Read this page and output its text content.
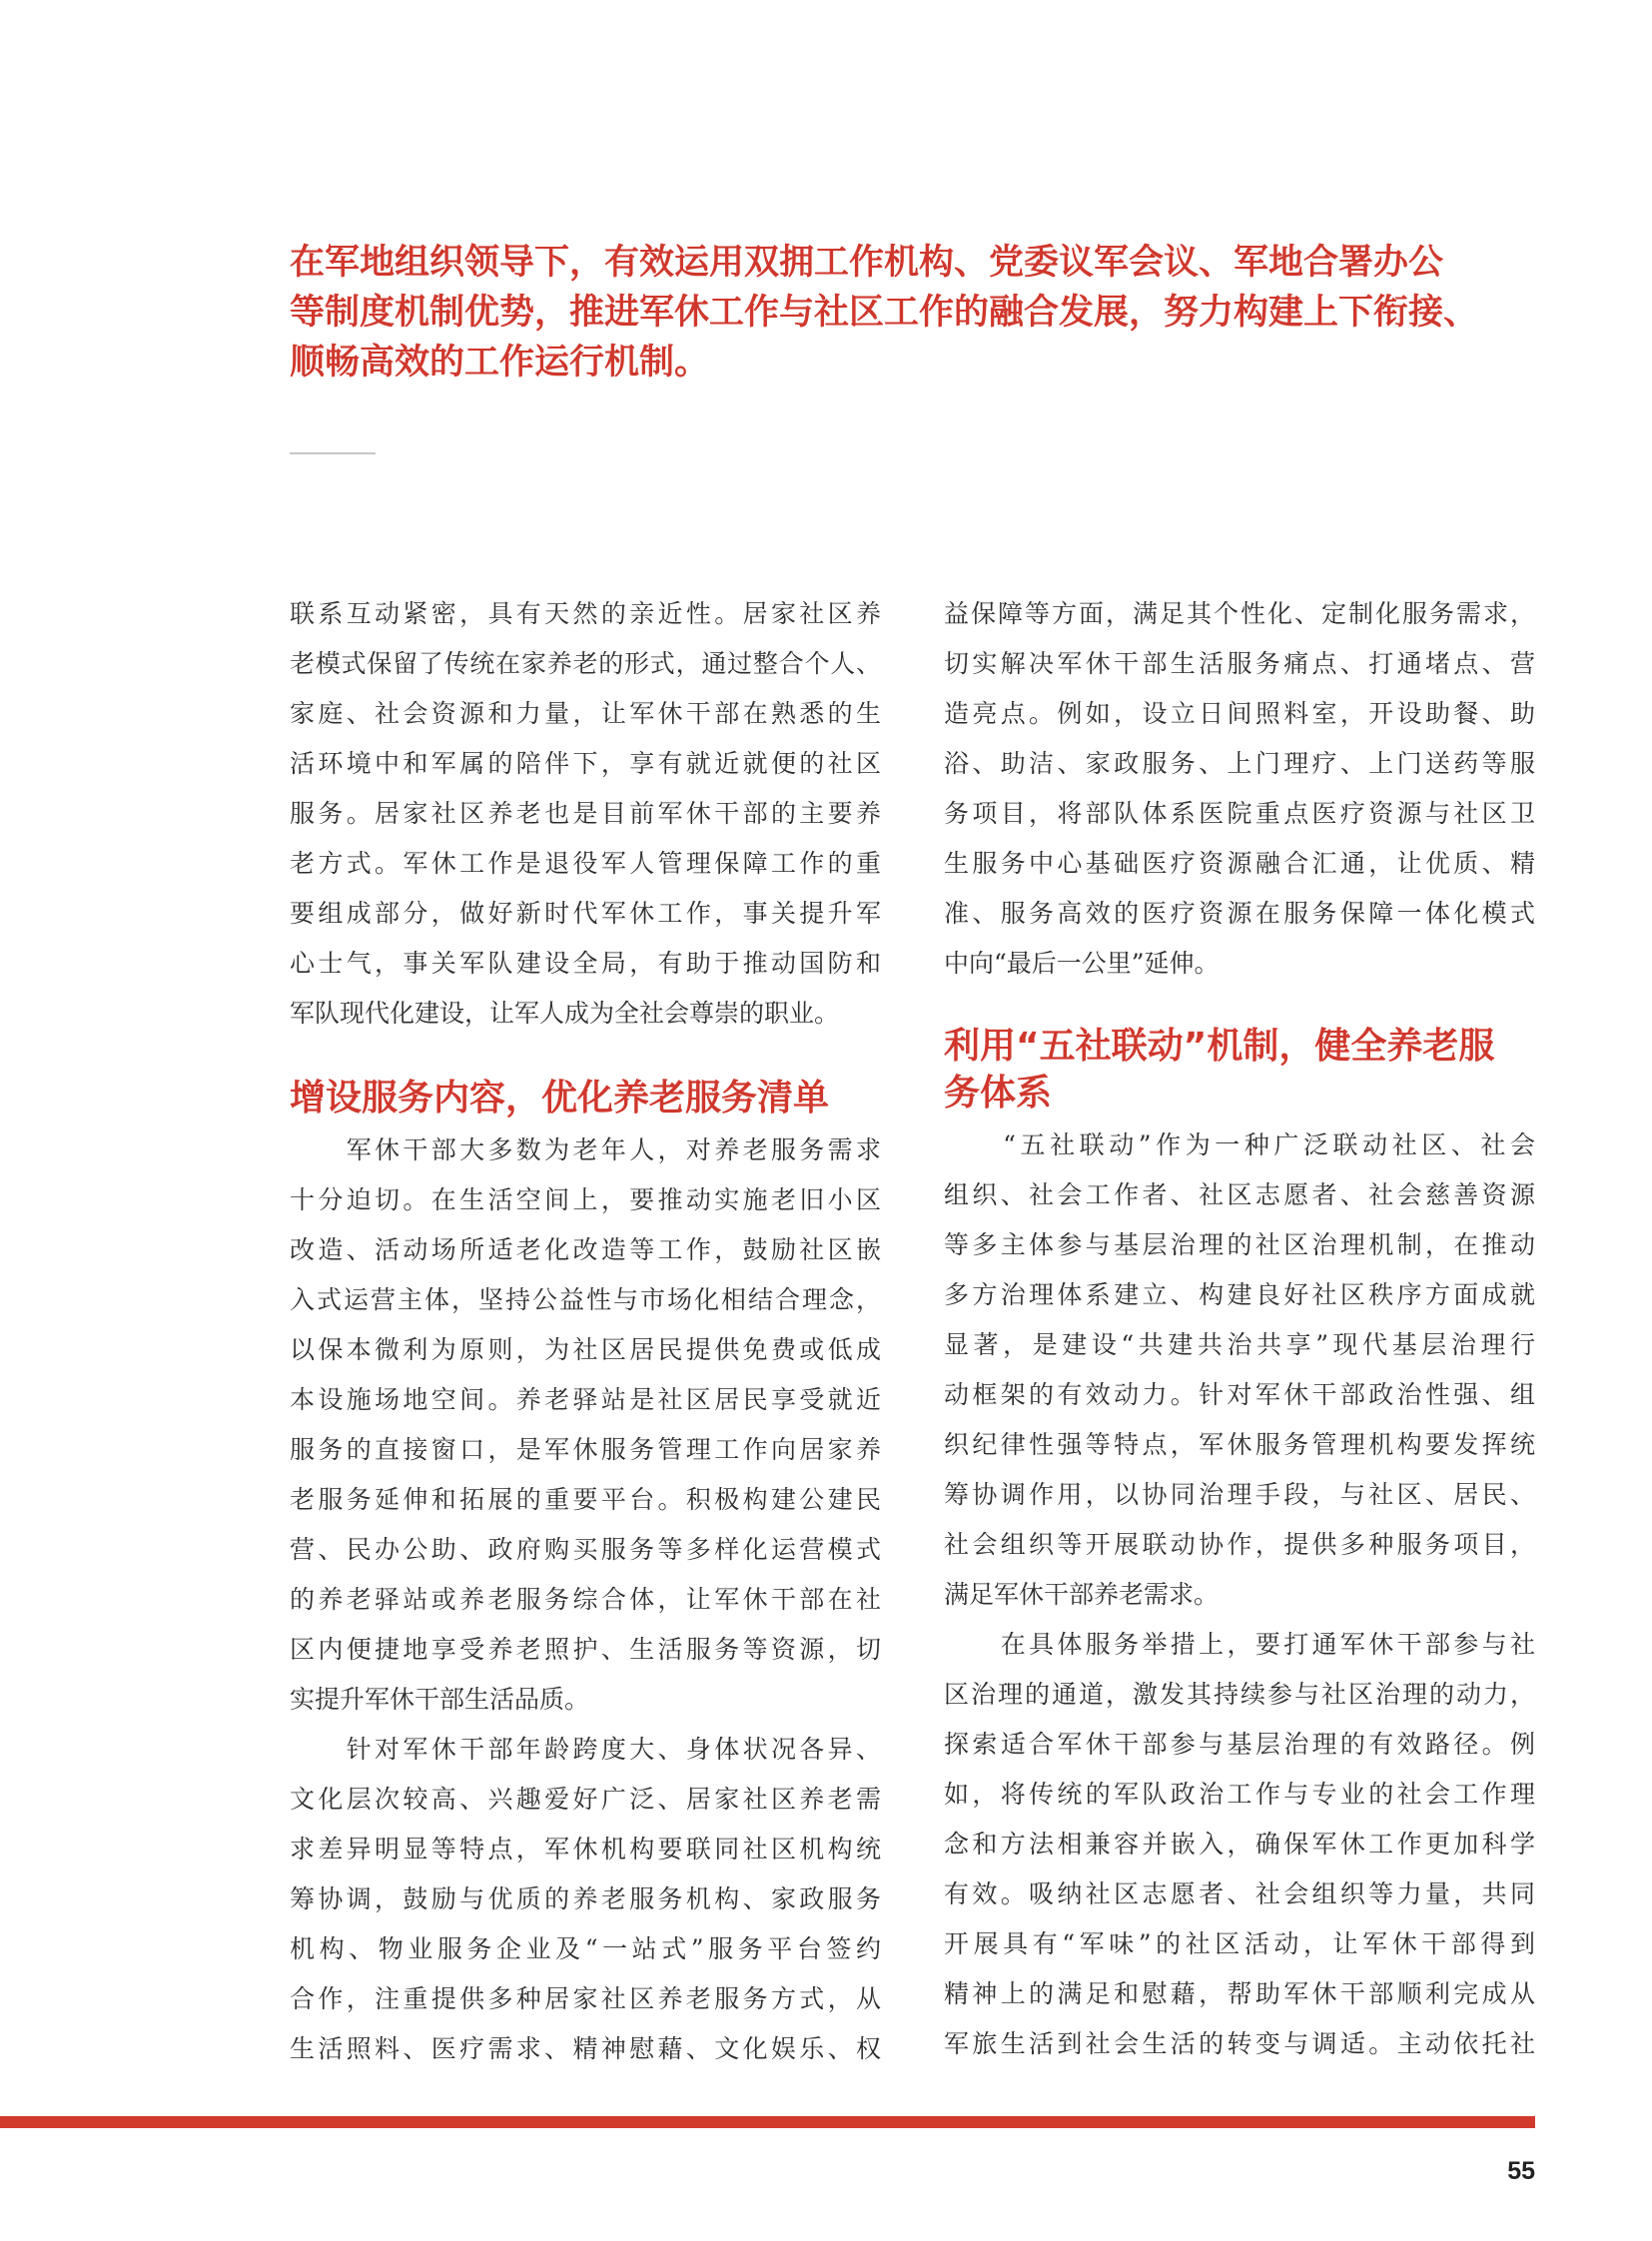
在军地组织领导下，有效运用双拥工作机构、党委议军会议、军地合署办公
等制度机制优势，推进军休工作与社区工作的融合发展，努力构建上下衔接、
顺畅高效的工作运行机制。
联系互动紧密，具有天然的亲近性。居家社区养
老模式保留了传统在家养老的形式，通过整合个人、
家庭、社会资源和力量，让军休干部在熟悉的生
活环境中和军属的陪伴下，享有就近就便的社区
服务。居家社区养老也是目前军休干部的主要养
老方式。军休工作是退役军人管理保障工作的重
要组成部分，做好新时代军休工作，事关提升军
心士气，事关军队建设全局，有助于推动国防和
军队现代化建设，让军人成为全社会尊崇的职业。
增设服务内容，优化养老服务清单
　　军休干部大多数为老年人，对养老服务需求
十分迫切。在生活空间上，要推动实施老旧小区
改造、活动场所适老化改造等工作，鼓励社区嵌
入式运营主体，坚持公益性与市场化相结合理念，
以保本微利为原则，为社区居民提供免费或低成
本设施场地空间。养老驿站是社区居民享受就近
服务的直接窗口，是军休服务管理工作向居家养
老服务延伸和拓展的重要平台。积极构建公建民
营、民办公助、政府购买服务等多样化运营模式
的养老驿站或养老服务综合体，让军休干部在社
区内便捷地享受养老照护、生活服务等资源，切
实提升军休干部生活品质。
　　针对军休干部年龄跨度大、身体状况各异、
文化层次较高、兴趣爱好广泛、居家社区养老需
求差异明显等特点，军休机构要联同社区机构统
筹协调，鼓励与优质的养老服务机构、家政服务
机构、物业服务企业及“一站式”服务平台签约
合作，注重提供多种居家社区养老服务方式，从
生活照料、医疗需求、精神慰藉、文化娱乐、权
益保障等方面，满足其个性化、定制化服务需求，
切实解决军休干部生活服务痛点、打通堵点、营
造亮点。例如，设立日间照料室，开设助餐、助
浴、助洁、家政服务、上门理疗、上门送药等服
务项目，将部队体系医院重点医疗资源与社区卫
生服务中心基础医疗资源融合汇通，让优质、精
准、服务高效的医疗资源在服务保障一体化模式
中向“最后一公里”延伸。
利用“五社联动”机制，健全养老服
务体系
　　“五社联动”作为一种广泛联动社区、社会
组织、社会工作者、社区志愿者、社会慈善资源
等多主体参与基层治理的社区治理机制，在推动
多方治理体系建立、构建良好社区秩序方面成就
显著，是建设“共建共治共享”现代基层治理行
动框架的有效动力。针对军休干部政治性强、组
织纪律性强等特点，军休服务管理机构要发挥统
筹协调作用，以协同治理手段，与社区、居民、
社会组织等开展联动协作，提供多种服务项目，
满足军休干部养老需求。
　　在具体服务举措上，要打通军休干部参与社
区治理的通道，激发其持续参与社区治理的动力，
探索适合军休干部参与基层治理的有效路径。例
如，将传统的军队政治工作与专业的社会工作理
念和方法相兼容并嵌入，确保军休工作更加科学
有效。吸纳社区志愿者、社会组织等力量，共同
开展具有“军味”的社区活动，让军休干部得到
精神上的满足和慰藉，帮助军休干部顺利完成从
军旅生活到社会生活的转变与调适。主动依托社
55
